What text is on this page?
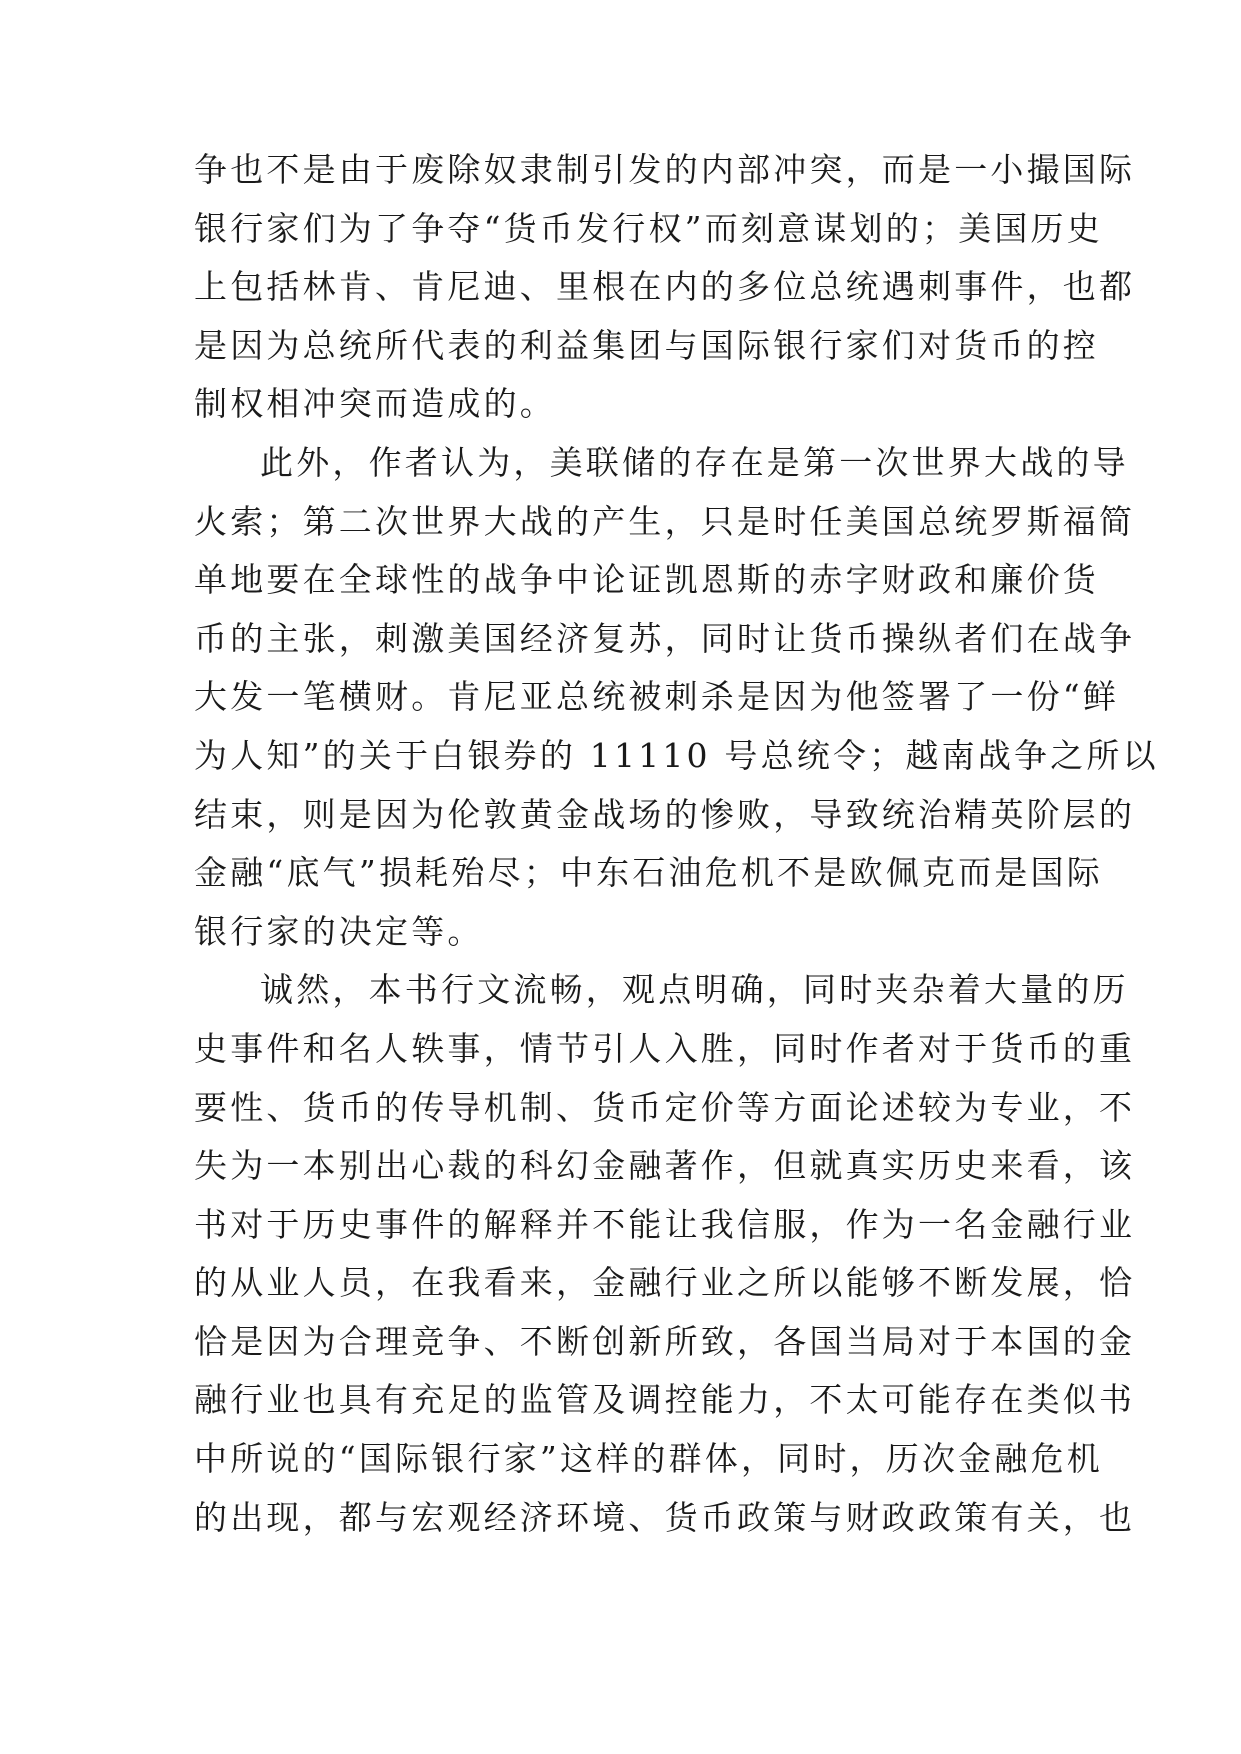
争也不是由于废除奴隶制引发的内部冲突，而是一小撮国际
银行家们为了争夺“货币发行权”而刻意谋划的；美国历史
上包括林肯、肯尼迪、里根在内的多位总统遇刺事件，也都
是因为总统所代表的利益集团与国际银行家们对货币的控
制权相冲突而造成的。
此外，作者认为，美联储的存在是第一次世界大战的导
火索；第二次世界大战的产生，只是时任美国总统罗斯福简
单地要在全球性的战争中论证凯恩斯的赤字财政和廉价货
币的主张，刺激美国经济复苏，同时让货币操纵者们在战争
大发一笔横财。肯尼亚总统被刺杀是因为他签署了一份“鲜
为人知”的关于白银券的 11110 号总统令；越南战争之所以
结束，则是因为伦敦黄金战场的惨败，导致统治精英阶层的
金融“底气”损耗殆尽；中东石油危机不是欧佩克而是国际
银行家的决定等。
诚然，本书行文流畅，观点明确，同时夹杂着大量的历
史事件和名人轶事，情节引人入胜，同时作者对于货币的重
要性、货币的传导机制、货币定价等方面论述较为专业，不
失为一本别出心裁的科幻金融著作，但就真实历史来看，该
书对于历史事件的解释并不能让我信服，作为一名金融行业
的从业人员，在我看来，金融行业之所以能够不断发展，恰
恰是因为合理竞争、不断创新所致，各国当局对于本国的金
融行业也具有充足的监管及调控能力，不太可能存在类似书
中所说的“国际银行家”这样的群体，同时，历次金融危机
的出现，都与宏观经济环境、货币政策与财政政策有关，也
